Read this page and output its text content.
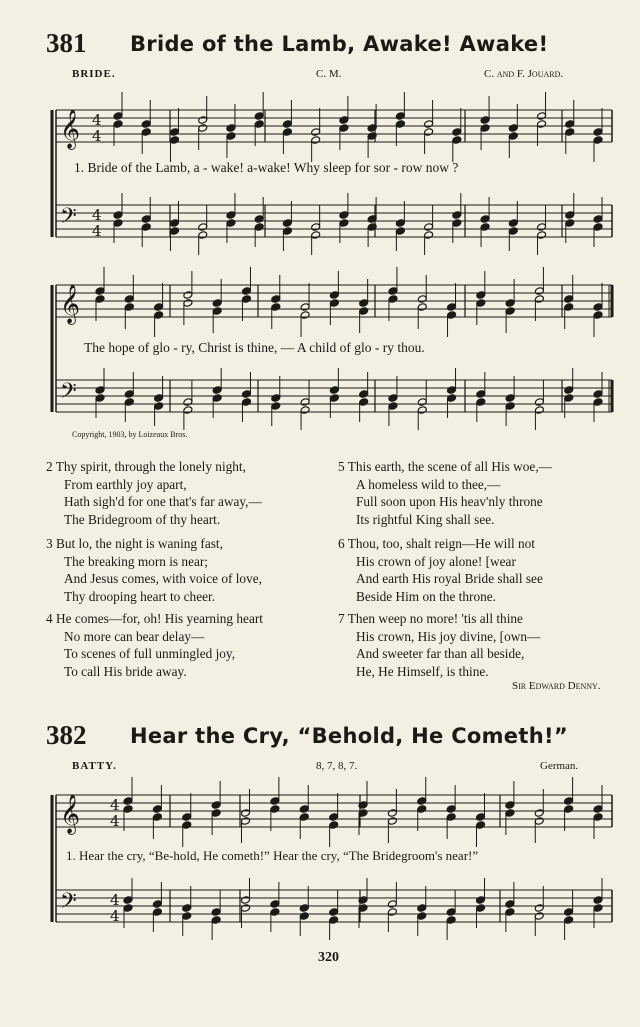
𝄞
𝄢
4
4
4
4
𝄞
𝄢
𝄞
𝄢
4
4
4
4
381 Bride of the Lamb, Awake! Awake!
BRIDE.	C. M.	C. and F. Jouard.
1. Bride of the Lamb, a - wake! a-wake! Why sleep for sor - row now ?
The hope of glo - ry, Christ is thine, — A child of glo - ry thou.
Copyright, 1903, by Loizeaux Bros.
2 Thy spirit, through the lonely night,
From earthly joy apart,
Hath sigh'd for one that's far away,—
The Bridegroom of thy heart.
3 But lo, the night is waning fast,
The breaking morn is near;
And Jesus comes, with voice of love,
Thy drooping heart to cheer.
4 He comes—for, oh! His yearning heart
No more can bear delay—
To scenes of full unmingled joy,
To call His bride away.
5 This earth, the scene of all His woe,—
A homeless wild to thee,—
Full soon upon His heav'nly throne
Its rightful King shall see.
6 Thou, too, shalt reign—He will not
His crown of joy alone! [wear
And earth His royal Bride shall see
Beside Him on the throne.
7 Then weep no more! 'tis all thine
His crown, His joy divine, [own—
And sweeter far than all beside,
He, He Himself, is thine.
Sir Edward Denny.
382 Hear the Cry, “Behold, He Cometh!”
BATTY.	8, 7, 8, 7.	German.
1. Hear the cry, “Be-hold, He cometh!” Hear the cry, “The Bridegroom's near!”
320
